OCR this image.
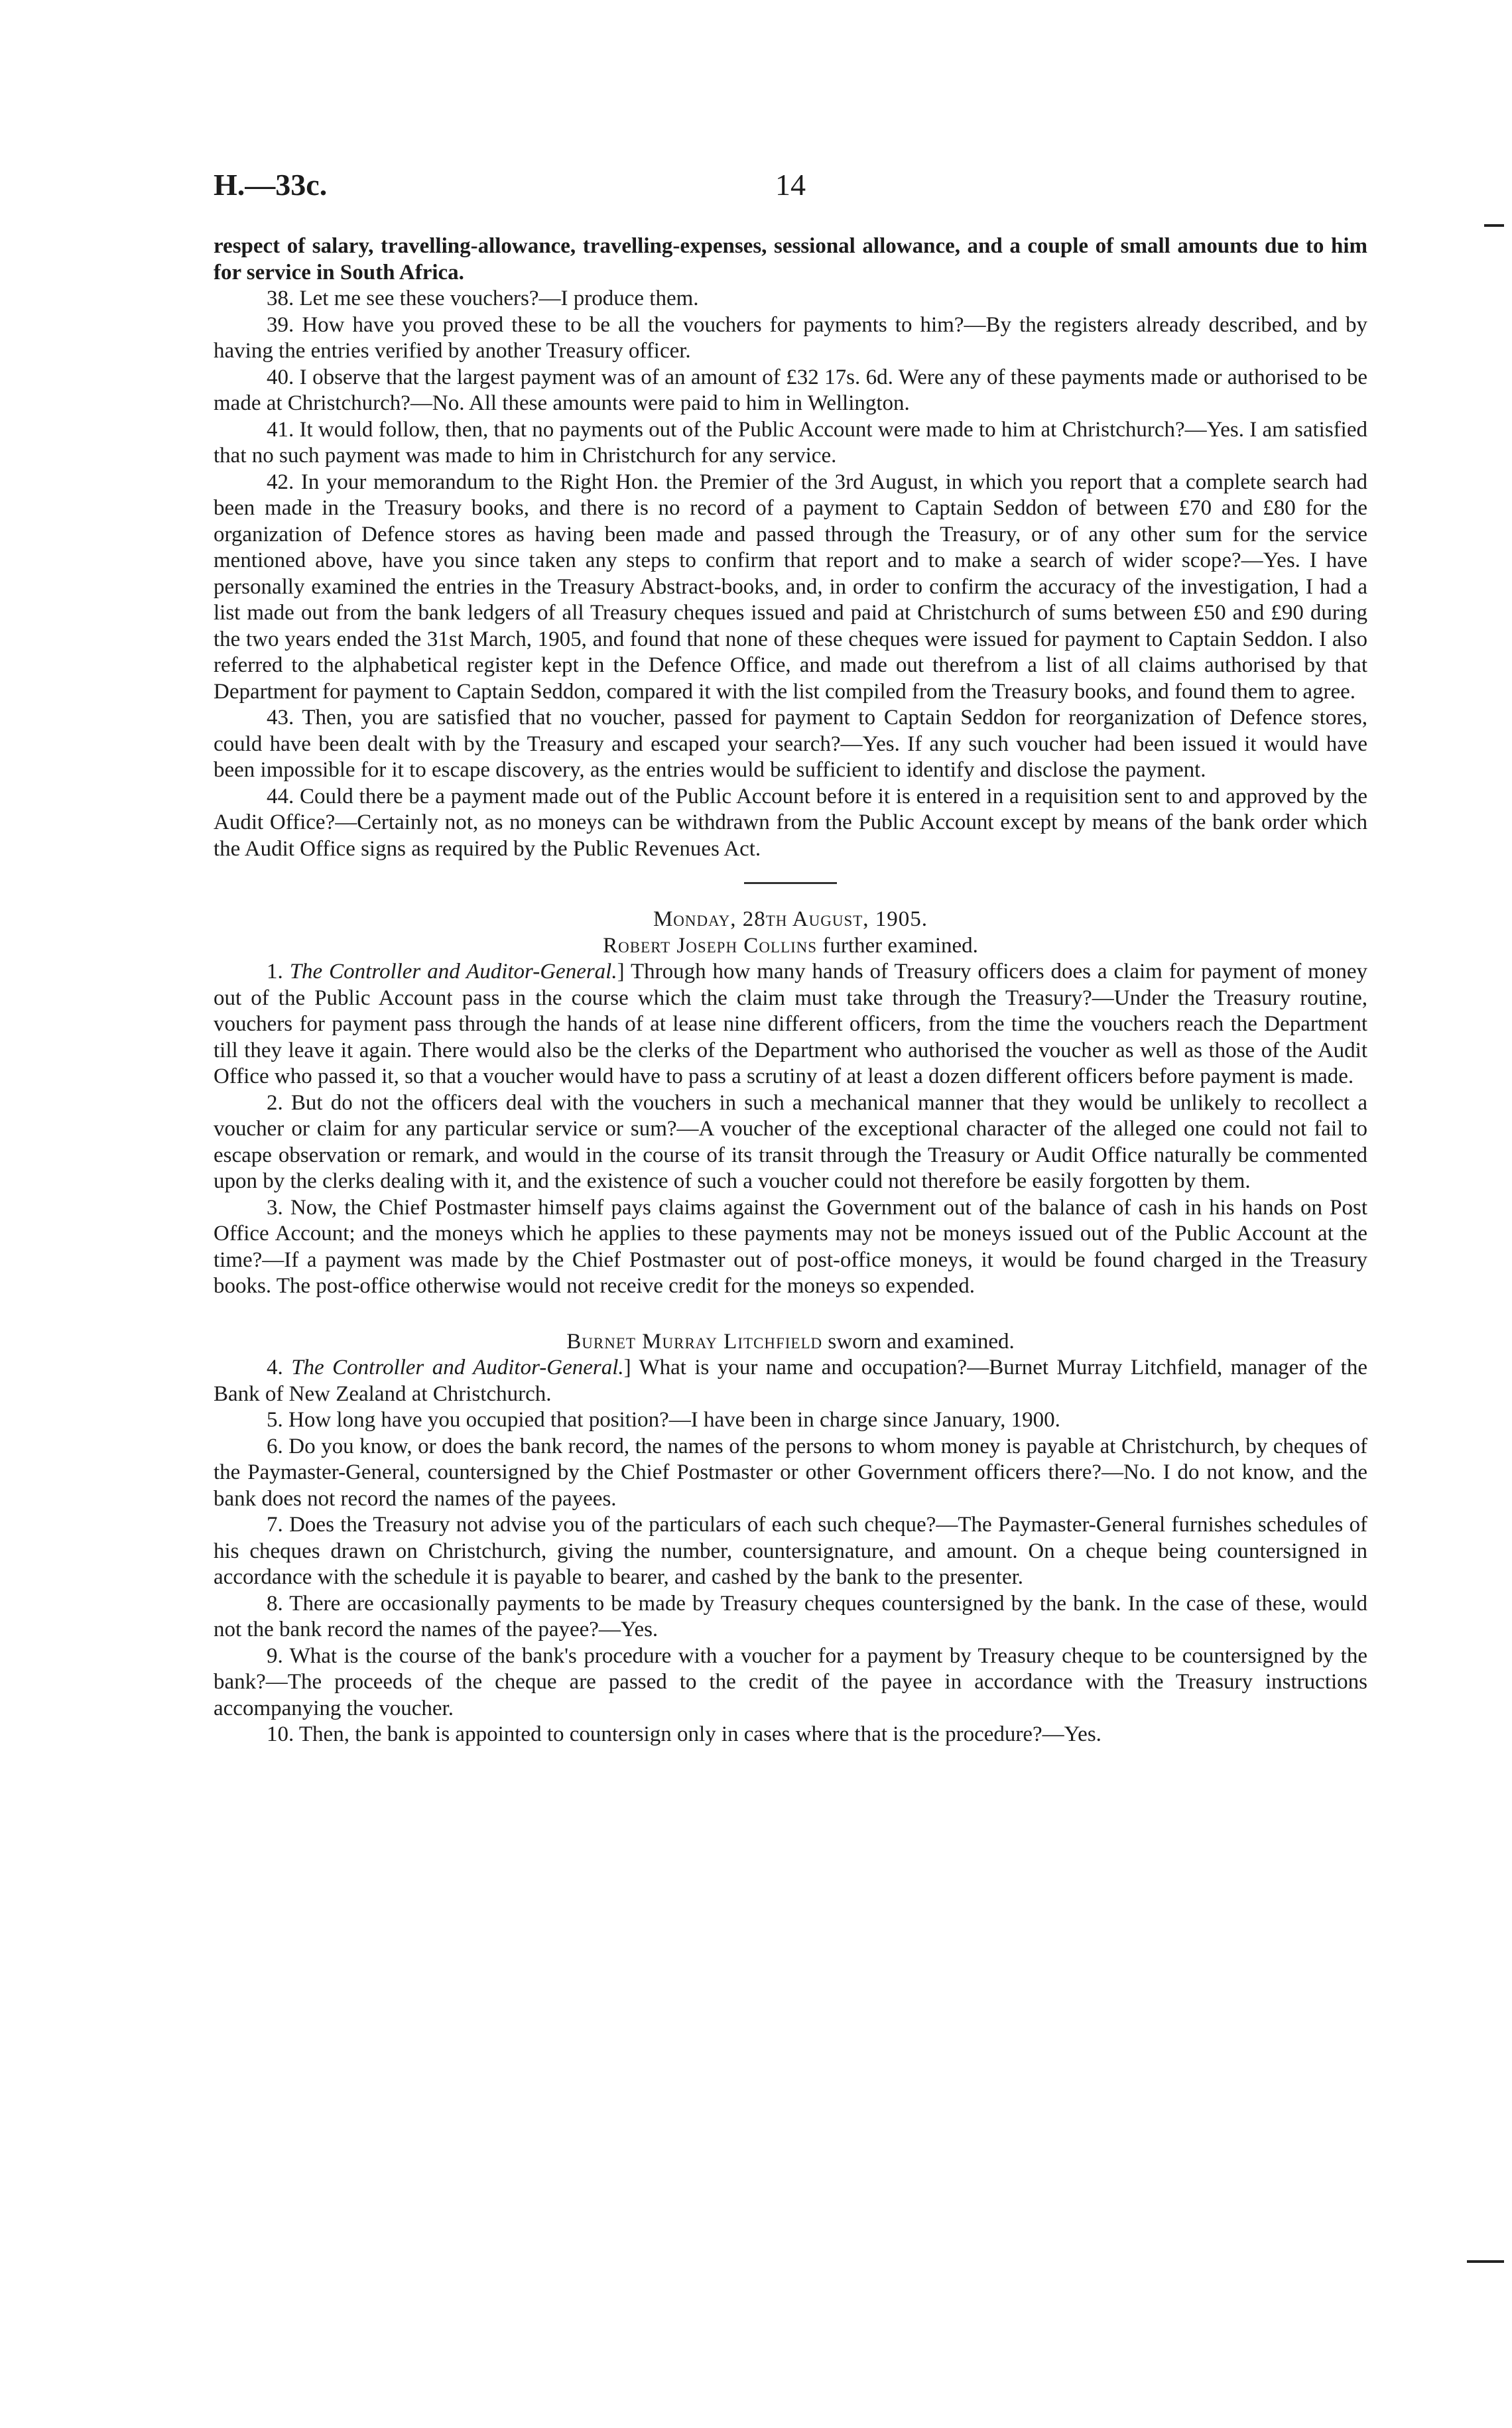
H.—33c.	14

respect of salary, travelling-allowance, travelling-expenses, sessional allowance, and a couple of small amounts due to him for service in South Africa.

38. Let me see these vouchers?—I produce them.

39. How have you proved these to be all the vouchers for payments to him?—By the registers already described, and by having the entries verified by another Treasury officer.

40. I observe that the largest payment was of an amount of £32 17s. 6d. Were any of these payments made or authorised to be made at Christchurch?—No. All these amounts were paid to him in Wellington.

41. It would follow, then, that no payments out of the Public Account were made to him at Christchurch?—Yes. I am satisfied that no such payment was made to him in Christchurch for any service.

42. In your memorandum to the Right Hon. the Premier of the 3rd August, in which you report that a complete search had been made in the Treasury books, and there is no record of a payment to Captain Seddon of between £70 and £80 for the organization of Defence stores as having been made and passed through the Treasury, or of any other sum for the service mentioned above, have you since taken any steps to confirm that report and to make a search of wider scope?—Yes. I have personally examined the entries in the Treasury Abstract-books, and, in order to confirm the accuracy of the investigation, I had a list made out from the bank ledgers of all Treasury cheques issued and paid at Christchurch of sums between £50 and £90 during the two years ended the 31st March, 1905, and found that none of these cheques were issued for payment to Captain Seddon. I also referred to the alphabetical register kept in the Defence Office, and made out therefrom a list of all claims authorised by that Department for payment to Captain Seddon, compared it with the list compiled from the Treasury books, and found them to agree.

43. Then, you are satisfied that no voucher, passed for payment to Captain Seddon for reorganization of Defence stores, could have been dealt with by the Treasury and escaped your search?—Yes. If any such voucher had been issued it would have been impossible for it to escape discovery, as the entries would be sufficient to identify and disclose the payment.

44. Could there be a payment made out of the Public Account before it is entered in a requisition sent to and approved by the Audit Office?—Certainly not, as no moneys can be withdrawn from the Public Account except by means of the bank order which the Audit Office signs as required by the Public Revenues Act.

Monday, 28th August, 1905.

Robert Joseph Collins further examined.

1. The Controller and Auditor-General.] Through how many hands of Treasury officers does a claim for payment of money out of the Public Account pass in the course which the claim must take through the Treasury?—Under the Treasury routine, vouchers for payment pass through the hands of at lease nine different officers, from the time the vouchers reach the Department till they leave it again. There would also be the clerks of the Department who authorised the voucher as well as those of the Audit Office who passed it, so that a voucher would have to pass a scrutiny of at least a dozen different officers before payment is made.

2. But do not the officers deal with the vouchers in such a mechanical manner that they would be unlikely to recollect a voucher or claim for any particular service or sum?—A voucher of the exceptional character of the alleged one could not fail to escape observation or remark, and would in the course of its transit through the Treasury or Audit Office naturally be commented upon by the clerks dealing with it, and the existence of such a voucher could not therefore be easily forgotten by them.

3. Now, the Chief Postmaster himself pays claims against the Government out of the balance of cash in his hands on Post Office Account; and the moneys which he applies to these payments may not be moneys issued out of the Public Account at the time?—If a payment was made by the Chief Postmaster out of post-office moneys, it would be found charged in the Treasury books. The post-office otherwise would not receive credit for the moneys so expended.

Burnet Murray Litchfield sworn and examined.

4. The Controller and Auditor-General.] What is your name and occupation?—Burnet Murray Litchfield, manager of the Bank of New Zealand at Christchurch.

5. How long have you occupied that position?—I have been in charge since January, 1900.

6. Do you know, or does the bank record, the names of the persons to whom money is payable at Christchurch, by cheques of the Paymaster-General, countersigned by the Chief Postmaster or other Government officers there?—No. I do not know, and the bank does not record the names of the payees.

7. Does the Treasury not advise you of the particulars of each such cheque?—The Paymaster-General furnishes schedules of his cheques drawn on Christchurch, giving the number, countersignature, and amount. On a cheque being countersigned in accordance with the schedule it is payable to bearer, and cashed by the bank to the presenter.

8. There are occasionally payments to be made by Treasury cheques countersigned by the bank. In the case of these, would not the bank record the names of the payee?—Yes.

9. What is the course of the bank's procedure with a voucher for a payment by Treasury cheque to be countersigned by the bank?—The proceeds of the cheque are passed to the credit of the payee in accordance with the Treasury instructions accompanying the voucher.

10. Then, the bank is appointed to countersign only in cases where that is the procedure?—Yes.
